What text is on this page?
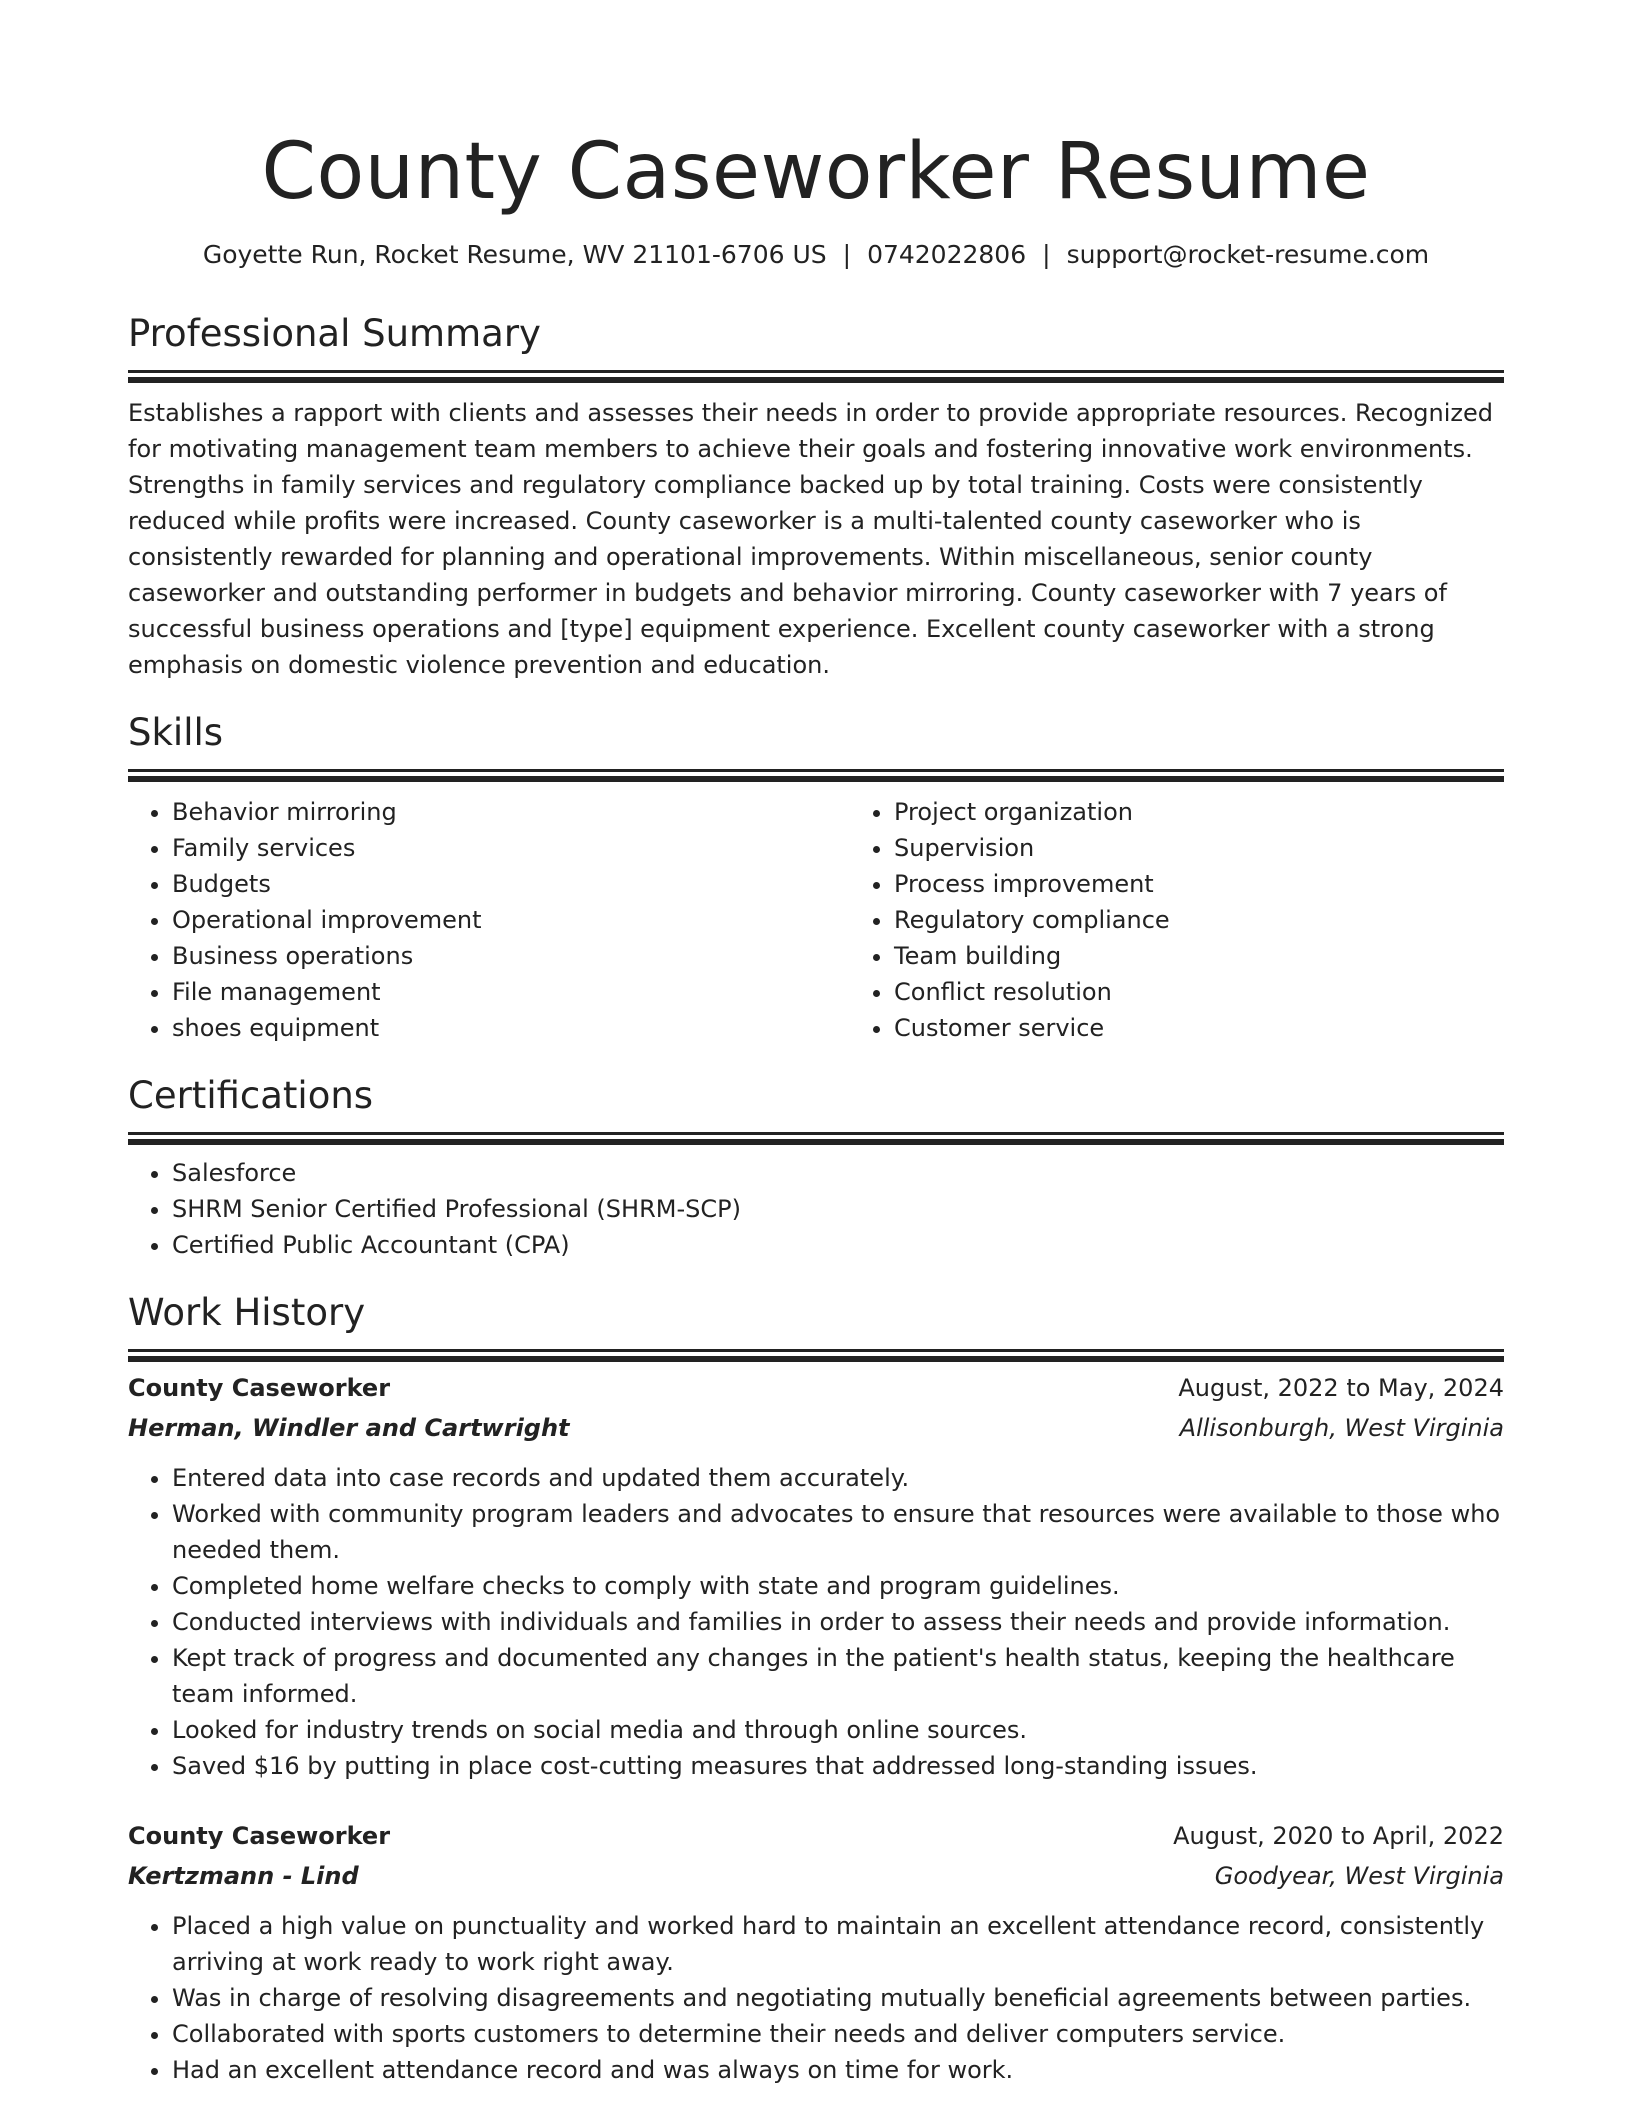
County Caseworker Resume
Goyette Run, Rocket Resume, WV 21101-6706 US | 0742022806 | support@rocket-resume.com
Professional Summary

Establishes a rapport with clients and assesses their needs in order to provide appropriate resources. Recognized for motivating management team members to achieve their goals and fostering innovative work environments. Strengths in family services and regulatory compliance backed up by total training. Costs were consistently reduced while profits were increased. County caseworker is a multi-talented county caseworker who is consistently rewarded for planning and operational improvements. Within miscellaneous, senior county caseworker and outstanding performer in budgets and behavior mirroring. County caseworker with 7 years of successful business operations and [type] equipment experience. Excellent county caseworker with a strong emphasis on domestic violence prevention and education.

Skills
• Behavior mirroring
• Family services
• Budgets
• Operational improvement
• Business operations
• File management
• shoes equipment
• Project organization
• Supervision
• Process improvement
• Regulatory compliance
• Team building
• Conflict resolution
• Customer service
Certifications
• Salesforce
• SHRM Senior Certified Professional (SHRM-SCP)
• Certified Public Accountant (CPA)
Work History
County Caseworker	August, 2022 to May, 2024
Herman, Windler and Cartwright	Allisonburgh, West Virginia
• Entered data into case records and updated them accurately.
• Worked with community program leaders and advocates to ensure that resources were available to those who needed them.
• Completed home welfare checks to comply with state and program guidelines.
• Conducted interviews with individuals and families in order to assess their needs and provide information.
• Kept track of progress and documented any changes in the patient's health status, keeping the healthcare team informed.
• Looked for industry trends on social media and through online sources.
• Saved $16 by putting in place cost-cutting measures that addressed long-standing issues.
County Caseworker	August, 2020 to April, 2022
Kertzmann - Lind	Goodyear, West Virginia
• Placed a high value on punctuality and worked hard to maintain an excellent attendance record, consistently arriving at work ready to work right away.
• Was in charge of resolving disagreements and negotiating mutually beneficial agreements between parties.
• Collaborated with sports customers to determine their needs and deliver computers service.
• Had an excellent attendance record and was always on time for work.
